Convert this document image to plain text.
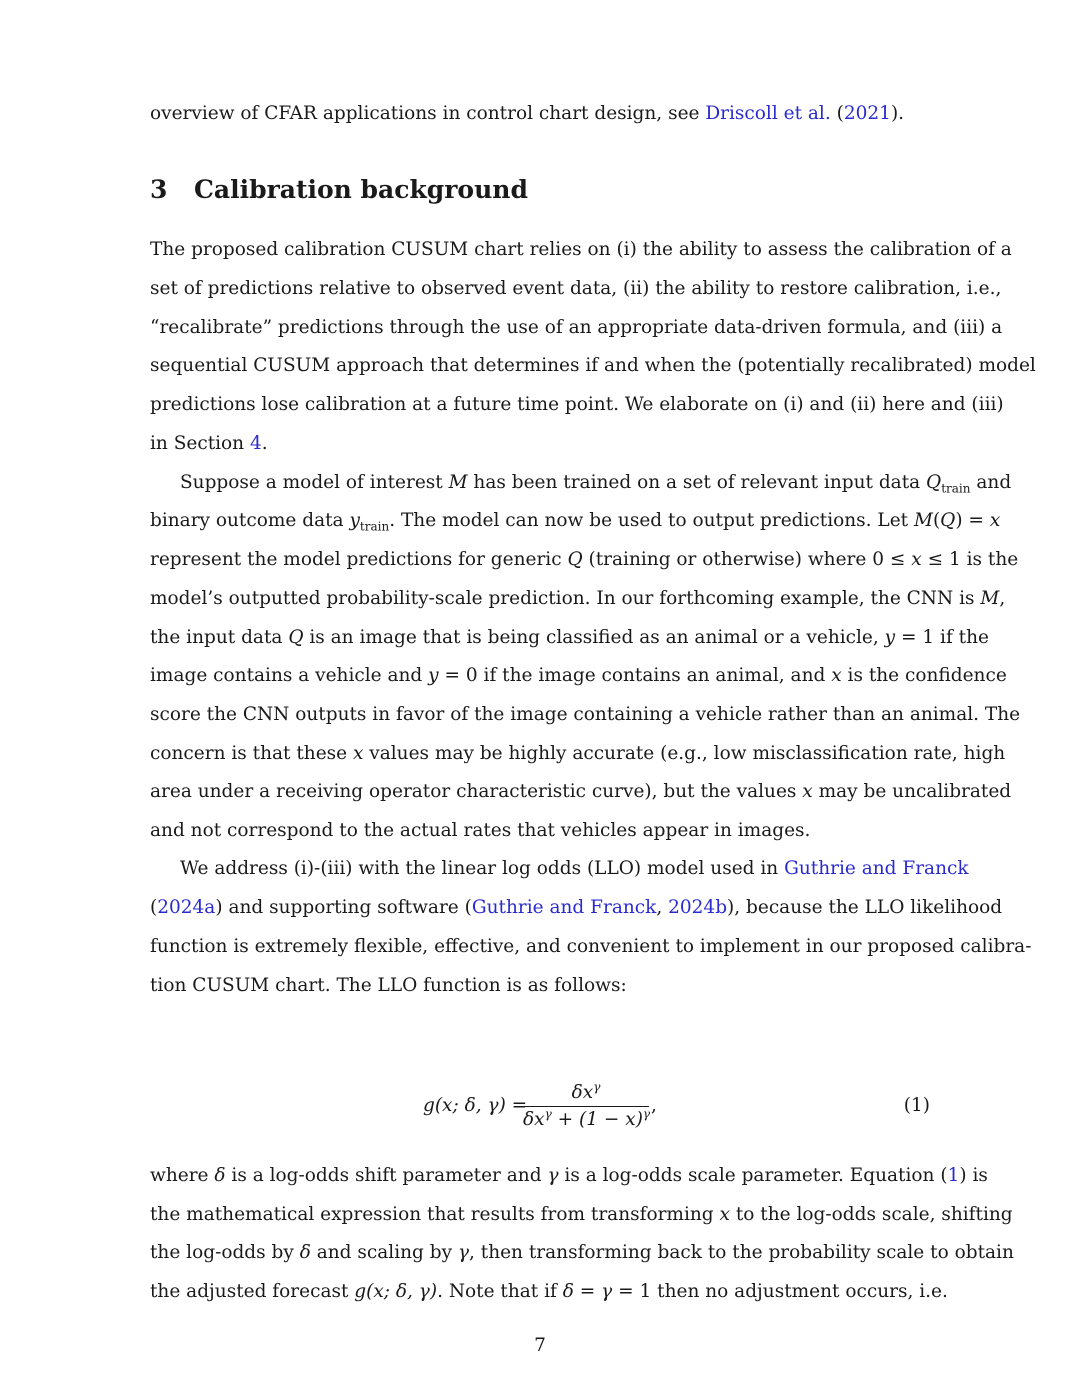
overview of CFAR applications in control chart design, see Driscoll et al. (2021).
3 Calibration background
The proposed calibration CUSUM chart relies on (i) the ability to assess the calibration of a
set of predictions relative to observed event data, (ii) the ability to restore calibration, i.e.,
“recalibrate” predictions through the use of an appropriate data-driven formula, and (iii) a
sequential CUSUM approach that determines if and when the (potentially recalibrated) model
predictions lose calibration at a future time point. We elaborate on (i) and (ii) here and (iii)
in Section 4.
Suppose a model of interest M has been trained on a set of relevant input data $Q_{train}$ and
binary outcome data $y_{train}$. The model can now be used to output predictions. Let M(Q) = x
represent the model predictions for generic Q (training or otherwise) where 0 ≤ x ≤ 1 is the
model’s outputted probability-scale prediction. In our forthcoming example, the CNN is M,
the input data Q is an image that is being classified as an animal or a vehicle, y = 1 if the
image contains a vehicle and y = 0 if the image contains an animal, and x is the confidence
score the CNN outputs in favor of the image containing a vehicle rather than an animal. The
concern is that these x values may be highly accurate (e.g., low misclassification rate, high
area under a receiving operator characteristic curve), but the values x may be uncalibrated
and not correspond to the actual rates that vehicles appear in images.
We address (i)-(iii) with the linear log odds (LLO) model used in Guthrie and Franck
(2024a) and supporting software (Guthrie and Franck, 2024b), because the LLO likelihood
function is extremely flexible, effective, and convenient to implement in our proposed calibra-
tion CUSUM chart. The LLO function is as follows:
g(x; δ, γ) =
$\delta x^\gamma$
$\delta x^\gamma + (1 - x)^\gamma$ ,	(1)
where δ is a log-odds shift parameter and γ is a log-odds scale parameter. Equation (1) is
the mathematical expression that results from transforming x to the log-odds scale, shifting
the log-odds by δ and scaling by γ, then transforming back to the probability scale to obtain
the adjusted forecast g(x; δ, γ). Note that if δ = γ = 1 then no adjustment occurs, i.e.
7
